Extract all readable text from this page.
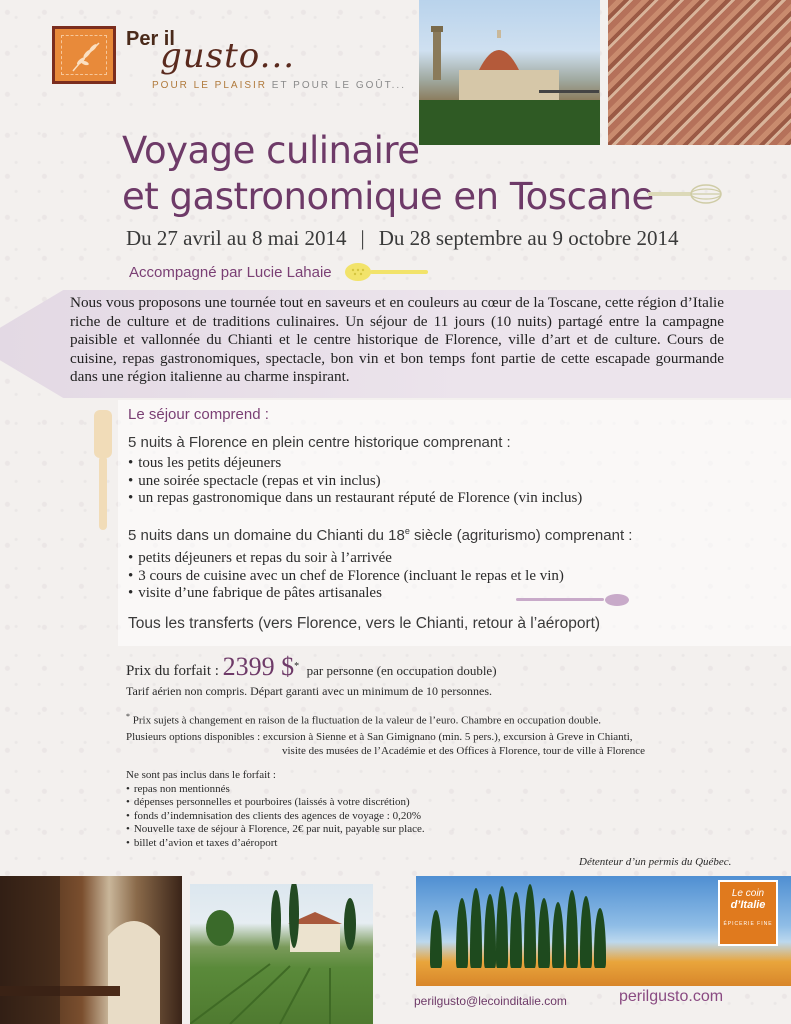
Per il
gusto...
POUR LE PLAISIR ET POUR LE GOÛT...
Voyage culinaire
et gastronomique en Toscane
Du 27 avril au 8 mai 2014 | Du 28 septembre au 9 octobre 2014
Accompagné par Lucie Lahaie
Nous vous proposons une tournée tout en saveurs et en couleurs au cœur de la Toscane, cette région d’Italie riche de culture et de traditions culinaires. Un séjour de 11 jours (10 nuits) partagé entre la campagne paisible et vallonnée du Chianti et le centre historique de Florence, ville d’art et de culture. Cours de cuisine, repas gastronomiques, spectacle, bon vin et bon temps font partie de cette escapade gourmande dans une région italienne au charme inspirant.
Le séjour comprend :
5 nuits à Florence en plein centre historique comprenant :
• tous les petits déjeuners
• une soirée spectacle (repas et vin inclus)
• un repas gastronomique dans un restaurant réputé de Florence (vin inclus)
5 nuits dans un domaine du Chianti du 18e siècle (agriturismo) comprenant :
• petits déjeuners et repas du soir à l’arrivée
• 3 cours de cuisine avec un chef de Florence (incluant le repas et le vin)
• visite d’une fabrique de pâtes artisanales
Tous les transferts (vers Florence, vers le Chianti, retour à l’aéroport)
Prix du forfait : 2399 $* par personne (en occupation double)
Tarif aérien non compris. Départ garanti avec un minimum de 10 personnes.
* Prix sujets à changement en raison de la fluctuation de la valeur de l’euro. Chambre en occupation double.
Plusieurs options disponibles : excursion à Sienne et à San Gimignano (min. 5 pers.), excursion à Greve in Chianti,
visite des musées de l’Académie et des Offices à Florence, tour de ville à Florence
Ne sont pas inclus dans le forfait :
• repas non mentionnés
• dépenses personnelles et pourboires (laissés à votre discrétion)
• fonds d’indemnisation des clients des agences de voyage : 0,20%
• Nouvelle taxe de séjour à Florence, 2€ par nuit, payable sur place.
• billet d’avion et taxes d’aéroport
Détenteur d’un permis du Québec.
Le coin
d’Italie
ÉPICERIE FINE
perilgusto@lecoinditalie.com	perilgusto.com
